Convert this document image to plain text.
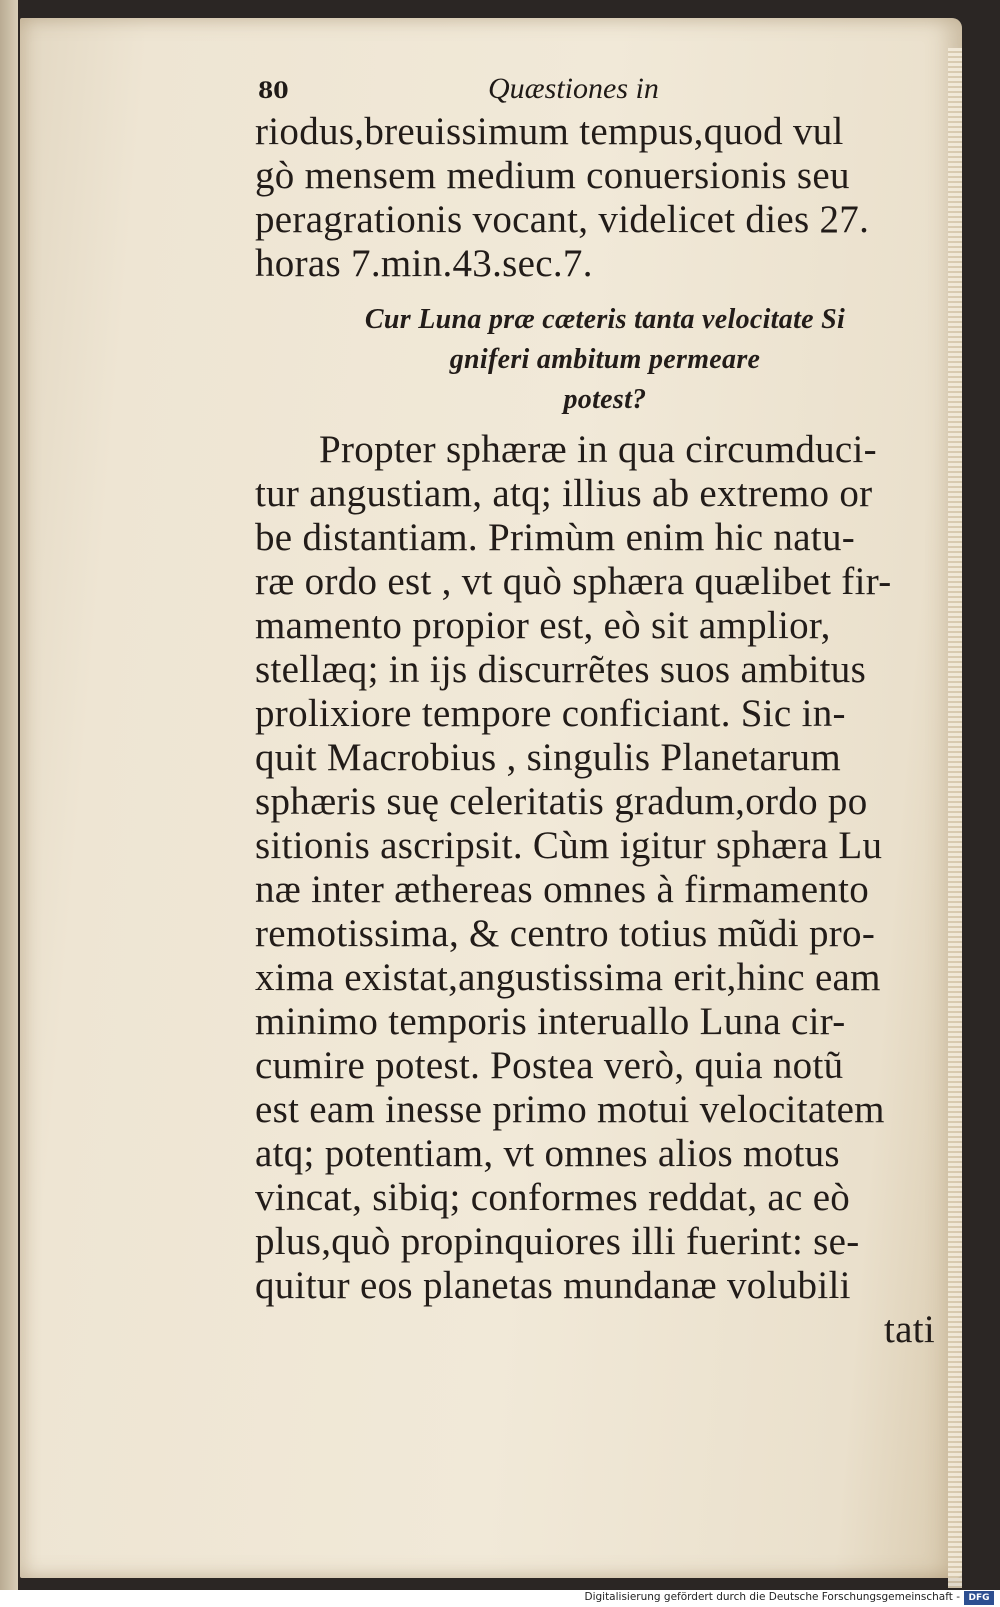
80	Quæstiones in
riodus,breuissimum tempus,quod vul
gò mensem medium conuersionis seu
peragrationis vocant, videlicet dies 27.
horas 7.min.43.sec.7.
Cur Luna præ cæteris tanta velocitate Si
gniferi ambitum permeare
potest?
Propter sphæræ in qua circumduci-
tur angustiam, atq; illius ab extremo or
be distantiam. Primùm enim hic natu-
ræ ordo est , vt quò sphæra quælibet fir-
mamento propior est, eò sit amplior,
stellæq; in ijs discurrẽtes suos ambitus
prolixiore tempore conficiant. Sic in-
quit Macrobius , singulis Planetarum
sphæris suę celeritatis gradum,ordo po
sitionis ascripsit. Cùm igitur sphæra Lu
næ inter æthereas omnes à firmamento
remotissima, & centro totius mũdi pro-
xima existat,angustissima erit,hinc eam
minimo temporis interuallo Luna cir-
cumire potest. Postea verò, quia notũ
est eam inesse primo motui velocitatem
atq; potentiam, vt omnes alios motus
vincat, sibiq; conformes reddat, ac eò
plus,quò propinquiores illi fuerint: se-
quitur eos planetas mundanæ volubili
tati
Digitalisierung gefördert durch die Deutsche Forschungsgemeinschaft - DFG
